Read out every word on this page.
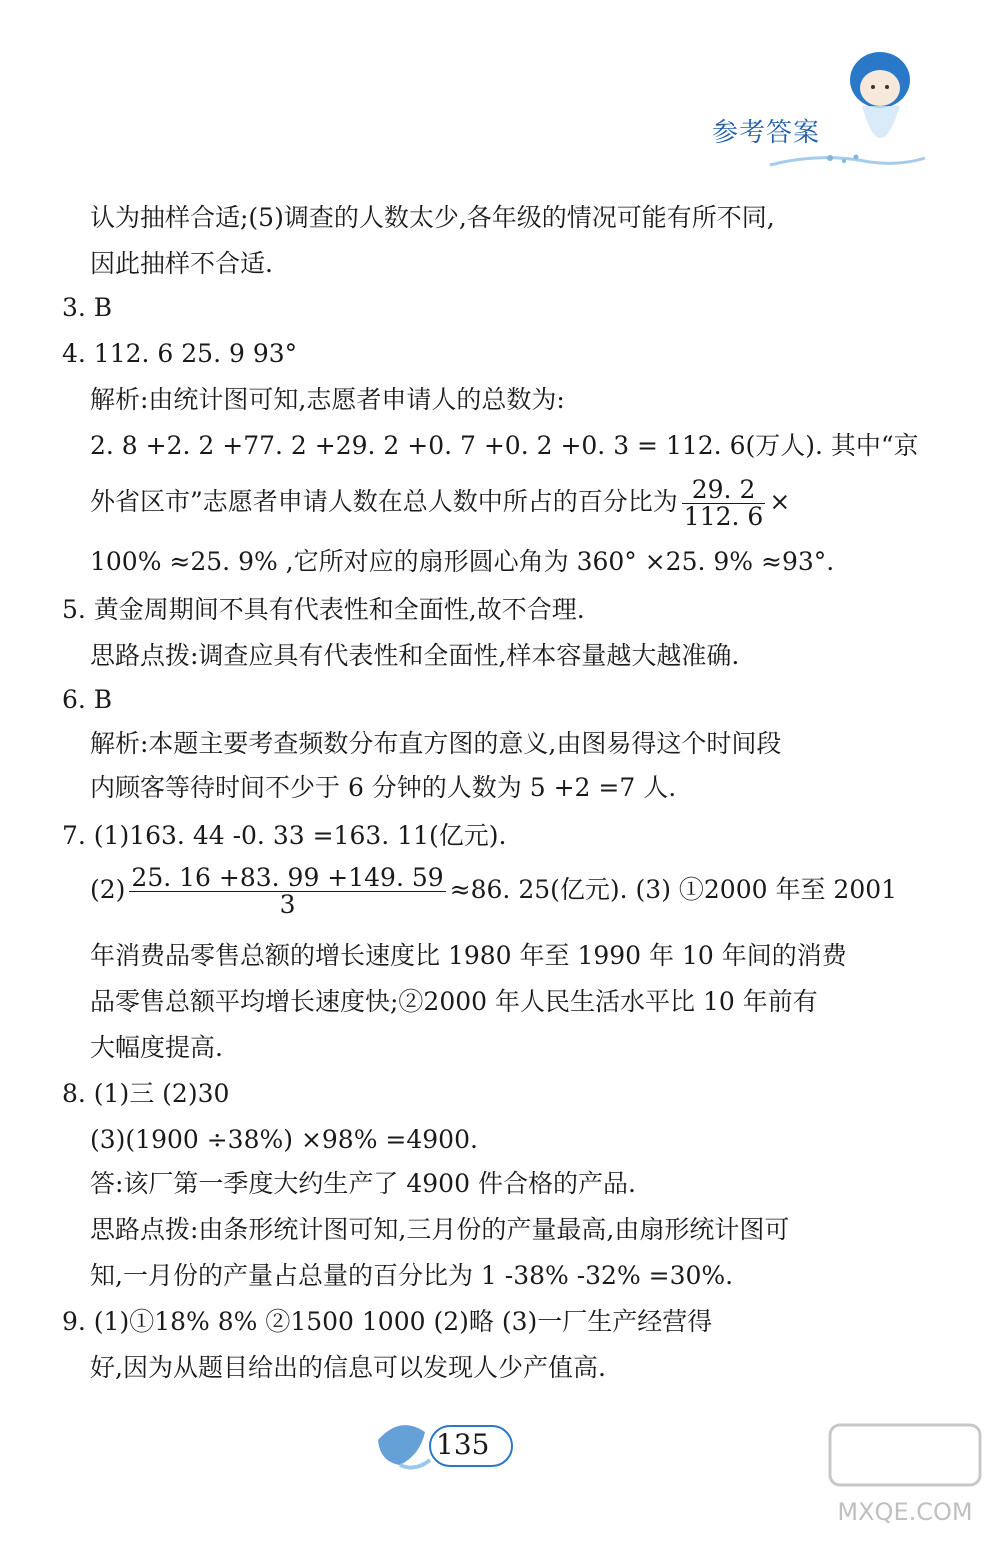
参考答案
认为抽样合适;(5)调查的人数太少,各年级的情况可能有所不同,
因此抽样不合适.
3. B
4. 112. 6 25. 9 93°
解析:由统计图可知,志愿者申请人的总数为:
2. 8 +2. 2 +77. 2 +29. 2 +0. 7 +0. 2 +0. 3 = 112. 6(万人). 其中“京
外省区市”志愿者申请人数在总人数中所占的百分比为 $\frac{29. 2}{112. 6}$ ×
100% ≈25. 9% ,它所对应的扇形圆心角为 360° ×25. 9% ≈93°.
5. 黄金周期间不具有代表性和全面性,故不合理.
思路点拨:调查应具有代表性和全面性,样本容量越大越准确.
6. B
解析:本题主要考查频数分布直方图的意义,由图易得这个时间段
内顾客等待时间不少于 6 分钟的人数为 5 +2 =7 人.
7. (1)163. 44 -0. 33 =163. 11(亿元).
$(2) \frac{25. 16 +83. 99 +149. 59}{3} \approx 86$. 25(亿元). (3) ①2000 年至 2001
年消费品零售总额的增长速度比 1980 年至 1990 年 10 年间的消费
品零售总额平均增长速度快;②2000 年人民生活水平比 10 年前有
大幅度提高.
8. (1)三 (2)30
(3)(1900 ÷38%) ×98% =4900.
答:该厂第一季度大约生产了 4900 件合格的产品.
思路点拨:由条形统计图可知,三月份的产量最高,由扇形统计图可
知,一月份的产量占总量的百分比为 1 -38% -32% =30%.
9. (1)①18% 8% ②1500 1000 (2)略 (3)一厂生产经营得
好,因为从题目给出的信息可以发现人少产值高.
135
MXQE.COM
